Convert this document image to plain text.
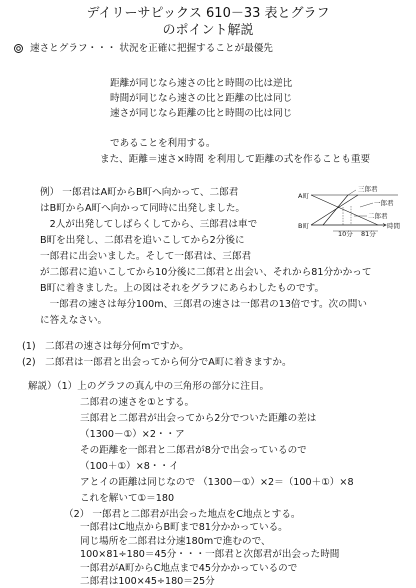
デイリーサピックス 610－33 表とグラフ
のポイント解説
速さとグラフ・・・ 状況を正確に把握することが最優先
距離が同じなら速さの比と時間の比は逆比
時間が同じなら速さの比と距離の比は同じ
速さが同じなら距離の比と時間の比は同じ
であることを利用する。
また、距離＝速さ×時間 を利用して距離の式を作ることも重要
例） 一郎君はA町からB町へ向かって、二郎君
はB町からA町へ向かって同時に出発しました。
　2人が出発してしばらくしてから、三郎君は車で
B町を出発し、二郎君を追いこしてから2分後に
一郎君に出会いました。そして一郎君は、三郎君
が二郎君に追いこしてから10分後に二郎君と出会い、それから81分かかって
B町に着きました。上の図はそれをグラフにあらわしたものです。
　一郎君の速さは毎分100m、三郎君の速さは一郎君の13倍です。次の問い
に答えなさい。
A町
B町	時間
三郎君
一郎君
二郎君
10分 81分
(1)　二郎君の速さは毎分何mですか。
(2)　二郎君は一郎君と出会ってから何分でA町に着きますか。
解説）（1）上のグラフの真ん中の三角形の部分に注目。
二郎君の速さを①とする。
三郎君と二郎君が出会ってから2分でついた距離の差は
（1300－①）×2・・ア
その距離を一郎君と二郎君が8分で出会っているので
（100＋①）×8・・イ
アとイの距離は同じなので （1300－①）×2＝（100＋①）×8
これを解いて①＝180
（2） 一郎君と二郎君が出会った地点をC地点とする。
一郎君はC地点からB町まで81分かかっている。
同じ場所を二郎君は分速180mで進むので、
100×81÷180＝45分・・・一郎君と次郎君が出会った時間
一郎君がA町からC地点まで45分かかっているので
二郎君は100×45÷180＝25分
